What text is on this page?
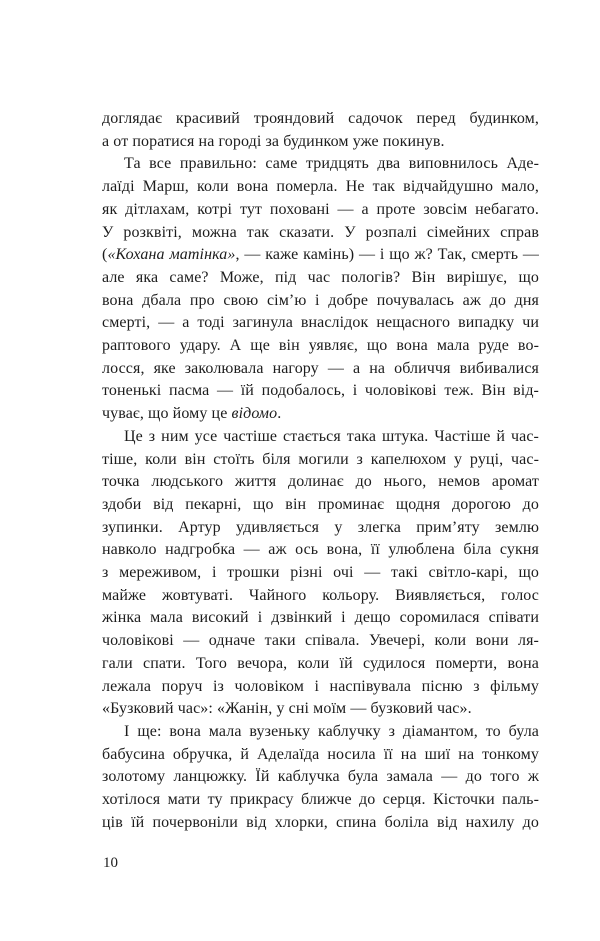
доглядає красивий трояндовий садочок перед будинком,
а от поратися на городі за будинком уже покинув.
Та все правильно: саме тридцять два виповнилось Аде-
лаїді Марш, коли вона померла. Не так відчайдушно мало,
як дітлахам, котрі тут поховані — а проте зовсім небагато.
У розквіті, можна так сказати. У розпалі сімейних справ
(«Кохана матінка», — каже камінь) — і що ж? Так, смерть —
але яка саме? Може, під час пологів? Він вирішує, що
вона дбала про свою сім’ю і добре почувалась аж до дня
смерті, — а тоді загинула внаслідок нещасного випадку чи
раптового удару. А ще він уявляє, що вона мала руде во-
лосся, яке заколювала нагору — а на обличчя вибивалися
тоненькі пасма — їй подобалось, і чоловікові теж. Він від-
чуває, що йому це відомо.
Це з ним усе частіше стається така штука. Частіше й час-
тіше, коли він стоїть біля могили з капелюхом у руці, час-
точка людського життя долинає до нього, немов аромат
здоби від пекарні, що він проминає щодня дорогою до
зупинки. Артур удивляється у злегка прим’яту землю
навколо надгробка — аж ось вона, її улюблена біла сукня
з мереживом, і трошки різні очі — такі світло-карі, що
майже жовтуваті. Чайного кольору. Виявляється, голос
жінка мала високий і дзвінкий і дещо соромилася співати
чоловікові — одначе таки співала. Увечері, коли вони ля-
гали спати. Того вечора, коли їй судилося померти, вона
лежала поруч із чоловіком і наспівувала пісню з фільму
«Бузковий час»: «Жанін, у сні моїм — бузковий час».
І ще: вона мала вузеньку каблучку з діамантом, то була
бабусина обручка, й Аделаїда носила її на шиї на тонкому
золотому ланцюжку. Їй каблучка була замала — до того ж
хотілося мати ту прикрасу ближче до серця. Кісточки паль-
ців їй почервоніли від хлорки, спина боліла від нахилу до
10
